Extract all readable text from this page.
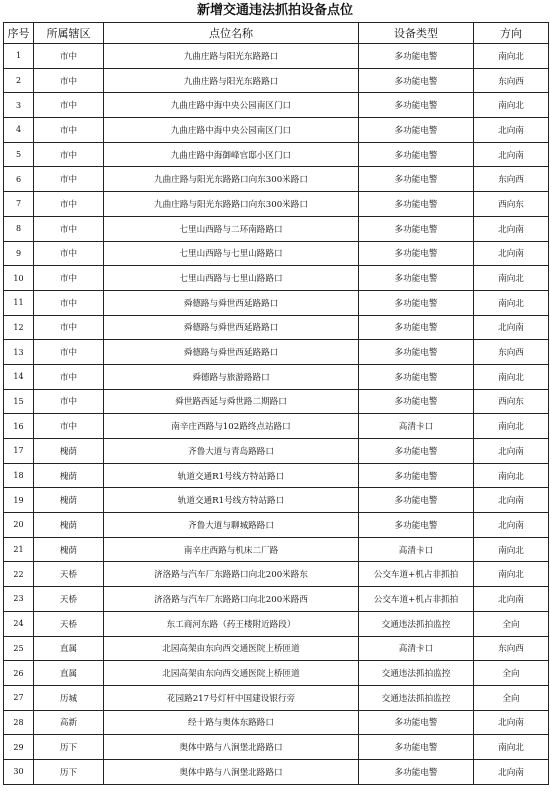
新增交通违法抓拍设备点位
序号	所属辖区	点位名称	设备类型	方向
1	市中	九曲庄路与阳光东路路口	多功能电警	南向北
2	市中	九曲庄路与阳光东路路口	多功能电警	东向西
3	市中	九曲庄路中海中央公园南区门口	多功能电警	南向北
4	市中	九曲庄路中海中央公园南区门口	多功能电警	北向南
5	市中	九曲庄路中海御峰官邸小区门口	多功能电警	北向南
6	市中	九曲庄路与阳光东路路口向东300米路口	多功能电警	东向西
7	市中	九曲庄路与阳光东路路口向东300米路口	多功能电警	西向东
8	市中	七里山西路与二环南路路口	多功能电警	北向南
9	市中	七里山西路与七里山路路口	多功能电警	北向南
10	市中	七里山西路与七里山路路口	多功能电警	南向北
11	市中	舜德路与舜世西延路路口	多功能电警	南向北
12	市中	舜德路与舜世西延路路口	多功能电警	北向南
13	市中	舜德路与舜世西延路路口	多功能电警	东向西
14	市中	舜德路与旅游路路口	多功能电警	南向北
15	市中	舜世路西延与舜世路二期路口	多功能电警	西向东
16	市中	南辛庄西路与102路终点站路口	高清卡口	南向北
17	槐荫	齐鲁大道与青岛路路口	多功能电警	北向南
18	槐荫	轨道交通R1号线方特站路口	多功能电警	南向北
19	槐荫	轨道交通R1号线方特站路口	多功能电警	北向南
20	槐荫	齐鲁大道与聊城路路口	多功能电警	北向南
21	槐荫	南辛庄西路与机床二厂路	高清卡口	南向北
22	天桥	济洛路与汽车厂东路路口向北200米路东	公交车道+机占非抓拍	南向北
23	天桥	济洛路与汽车厂东路路口向北200米路西	公交车道+机占非抓拍	北向南
24	天桥	东工商河东路（药王楼附近路段）	交通违法抓拍监控	全向
25	直属	北园高架由东向西交通医院上桥匝道	高清卡口	东向西
26	直属	北园高架由东向西交通医院上桥匝道	交通违法抓拍监控	全向
27	历城	花园路217号灯杆中国建设银行旁	交通违法抓拍监控	全向
28	高新	经十路与奥体东路路口	多功能电警	北向南
29	历下	奥体中路与八涧堡北路路口	多功能电警	南向北
30	历下	奥体中路与八涧堡北路路口	多功能电警	北向南
